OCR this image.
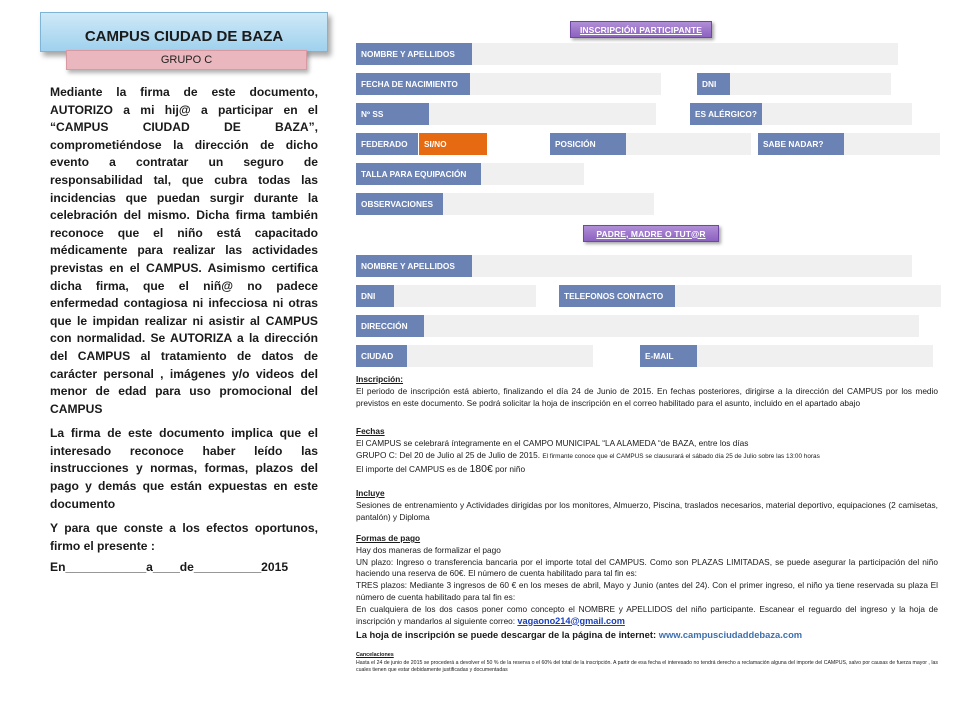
CAMPUS CIUDAD DE BAZA
GRUPO C

Mediante la firma de este documento, AUTORIZO a mi hij@ a participar en el “CAMPUS CIUDAD DE BAZA”, comprometiéndose la dirección de dicho evento a contratar un seguro de responsabilidad tal, que cubra todas las incidencias que puedan surgir durante la celebración del mismo. Dicha firma también reconoce que el niño está capacitado médicamente para realizar las actividades previstas en el CAMPUS. Asimismo certifica dicha firma, que el niñ@ no padece enfermedad contagiosa ni infecciosa ni otras que le impidan realizar ni asistir al CAMPUS con normalidad. Se AUTORIZA a la dirección del CAMPUS al tratamiento de datos de carácter personal , imágenes y/o videos del menor de edad para uso promocional del CAMPUS

La firma de este documento implica que el interesado reconoce haber leído las instrucciones y normas, formas, plazos del pago y demás que están expuestas en este documento

Y para que conste a los efectos oportunos, firmo el presente :

En____________a____de__________2015

INSCRIPCIÓN PARTICIPANTE
NOMBRE Y APELLIDOS
FECHA DE NACIMIENTO	DNI
Nº SS	ES ALÉRGICO?
FEDERADO	SI/NO	POSICIÓN	SABE NADAR?
TALLA PARA EQUIPACIÓN
OBSERVACIONES
PADRE, MADRE O TUT@R
NOMBRE Y APELLIDOS
DNI	TELEFONOS CONTACTO
DIRECCIÓN
CIUDAD	E-MAIL
Inscripción:
El periodo de inscripción está abierto, finalizando el día 24 de Junio de 2015. En fechas posteriores, dirigirse a la dirección del CAMPUS por los medio previstos en este documento. Se podrá solicitar la hoja de inscripción en el correo habilitado para el asunto, incluido en el apartado abajo
Fechas
El CAMPUS se celebrará íntegramente en el CAMPO MUNICIPAL “LA ALAMEDA “de BAZA, entre los días
GRUPO C: Del 20 de Julio al 25 de Julio de 2015. El firmante conoce que el CAMPUS se clausurará el sábado día 25 de Julio sobre las 13:00 horas
El importe del CAMPUS es de 180€ por niño
Incluye
Sesiones de entrenamiento y Actividades dirigidas por los monitores, Almuerzo, Piscina, traslados necesarios, material deportivo, equipaciones (2 camisetas, pantalón) y Diploma
Formas de pago
Hay dos maneras de formalizar el pago
UN plazo: Ingreso o transferencia bancaria por el importe total del CAMPUS. Como son PLAZAS LIMITADAS, se puede asegurar la participación del niño haciendo una reserva de 60€. El número de cuenta habilitado para tal fin es:
TRES plazos: Mediante 3 ingresos de 60 € en los meses de abril, Mayo y Junio (antes del 24). Con el primer ingreso, el niño ya tiene reservada su plaza El número de cuenta habilitado para tal fin es:
En cualquiera de los dos casos poner como concepto el NOMBRE y APELLIDOS del niño participante. Escanear el reguardo del ingreso y la hoja de inscripción y mandarlos al siguiente correo: vagaono214@gmail.com
La hoja de inscripción se puede descargar de la página de internet: www.campusciudaddebaza.com
Cancelaciones
Hasta el 24 de junio de 2015 se procederá a devolver el 50 % de la reserva o el 60% del total de la inscripción. A partir de esa fecha el interesado no tendrá derecho a reclamación alguna del importe del CAMPUS, salvo por causas de fuerza mayor , las cuales tienen que estar debidamente justificadas y documentadas
